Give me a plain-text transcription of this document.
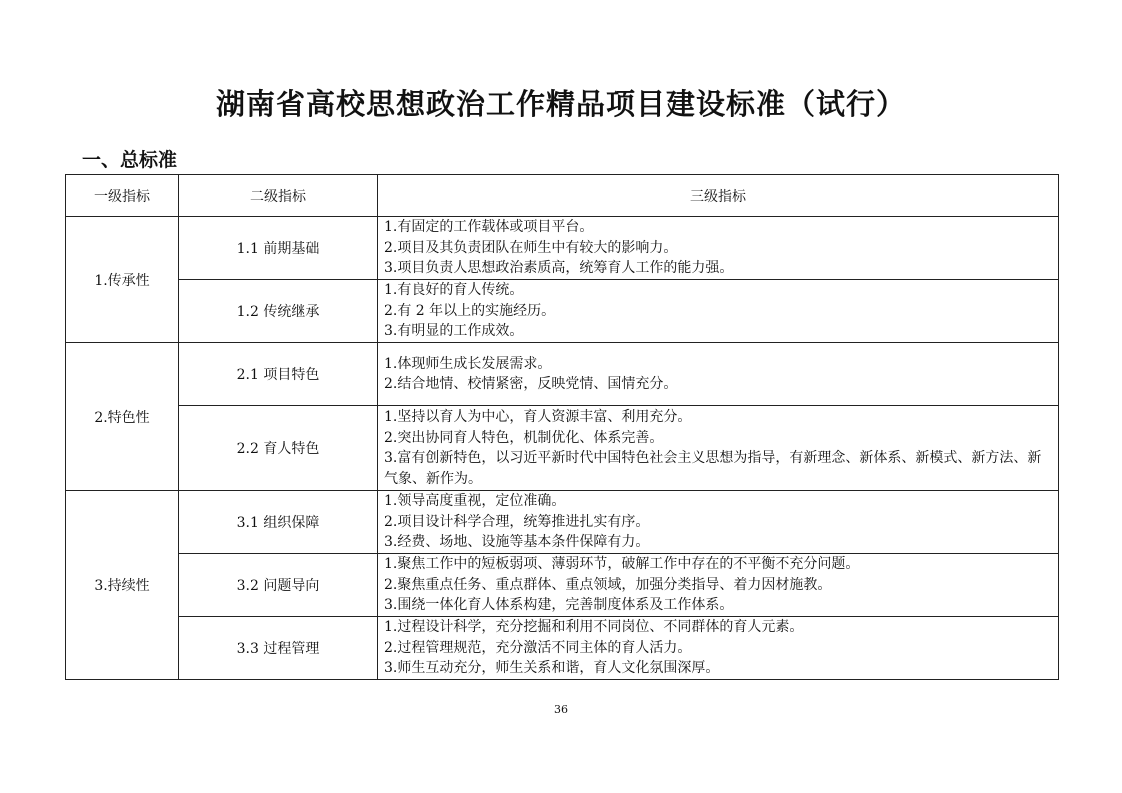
湖南省高校思想政治工作精品项目建设标准（试行）
一、总标准
一级指标	二级指标	三级指标
1.传承性	1.1 前期基础	1.有固定的工作载体或项目平台。
2.项目及其负责团队在师生中有较大的影响力。
3.项目负责人思想政治素质高，统筹育人工作的能力强。

	1.2 传统继承	1.有良好的育人传统。
2.有 2 年以上的实施经历。
3.有明显的工作成效。

2.特色性	2.1 项目特色	1.体现师生成长发展需求。
2.结合地情、校情紧密，反映党情、国情充分。

	2.2 育人特色	1.坚持以育人为中心，育人资源丰富、利用充分。
2.突出协同育人特色，机制优化、体系完善。
3.富有创新特色，以习近平新时代中国特色社会主义思想为指导，有新理念、新体系、新模式、新方法、新气象、新作为。

3.持续性	3.1 组织保障	1.领导高度重视，定位准确。
2.项目设计科学合理，统筹推进扎实有序。
3.经费、场地、设施等基本条件保障有力。

	3.2 问题导向	1.聚焦工作中的短板弱项、薄弱环节，破解工作中存在的不平衡不充分问题。
2.聚焦重点任务、重点群体、重点领域，加强分类指导、着力因材施教。
3.围绕一体化育人体系构建，完善制度体系及工作体系。

	3.3 过程管理	1.过程设计科学，充分挖掘和利用不同岗位、不同群体的育人元素。
2.过程管理规范，充分激活不同主体的育人活力。
3.师生互动充分，师生关系和谐，育人文化氛围深厚。
36
